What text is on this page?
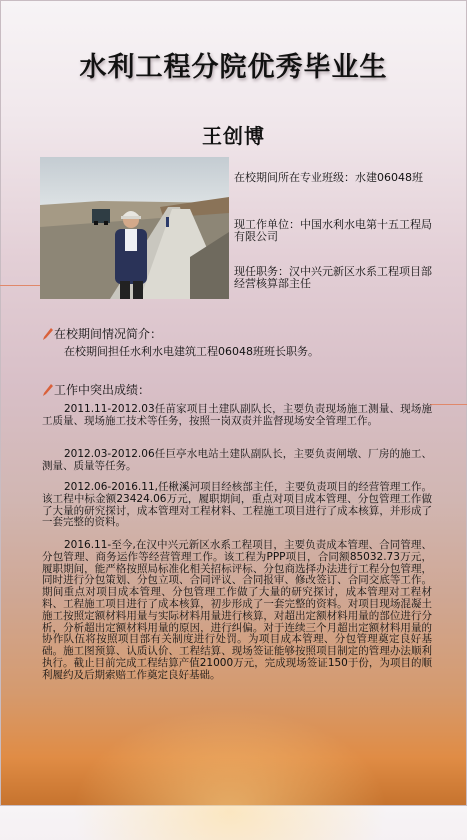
水利工程分院优秀毕业生
王创博
在校期间所在专业班级：水建06048班
现工作单位：中国水利水电第十五工程局有限公司
现任职务：汉中兴元新区水系工程项目部经营核算部主任
在校期间情况简介：
在校期间担任水利水电建筑工程06048班班长职务。
工作中突出成绩：
2011.11-2012.03任苗家项目土建队副队长，主要负责现场施工测量、现场施工质量、现场施工技术等任务，按照一岗双责并监督现场安全管理工作。
2012.03-2012.06任巨亭水电站土建队副队长，主要负责闸墩、厂房的施工、测量、质量等任务。
2012.06-2016.11,任楸溪河项目经核部主任，主要负责项目的经营管理工作。该工程中标金额23424.06万元，履职期间，重点对项目成本管理、分包管理工作做了大量的研究探讨，成本管理对工程材料、工程施工项目进行了成本核算，并形成了一套完整的资料。
2016.11-至今,在汉中兴元新区水系工程项目，主要负责成本管理、合同管理、分包管理、商务运作等经营管理工作。该工程为PPP项目，合同额85032.73万元，履职期间，能严格按照局标准化相关招标评标、分包商选择办法进行工程分包管理，同时进行分包策划、分包立项、合同评议、合同报审、修改签订、合同交底等工作。期间重点对项目成本管理、分包管理工作做了大量的研究探讨，成本管理对工程材料、工程施工项目进行了成本核算，初步形成了一套完整的资料。对项目现场混凝土施工按照定额材料用量与实际材料用量进行核算，对超出定额材料用量的部位进行分析，分析超出定额材料用量的原因，进行纠偏。对于连续三个月超出定额材料用量的协作队伍将按照项目部有关制度进行处罚。为项目成本管理、分包管理奠定良好基础。施工图预算、认质认价、工程结算、现场签证能够按照项目制定的管理办法顺利执行。截止目前完成工程结算产值21000万元，完成现场签证150于份，为项目的顺利履约及后期索赔工作奠定良好基础。
